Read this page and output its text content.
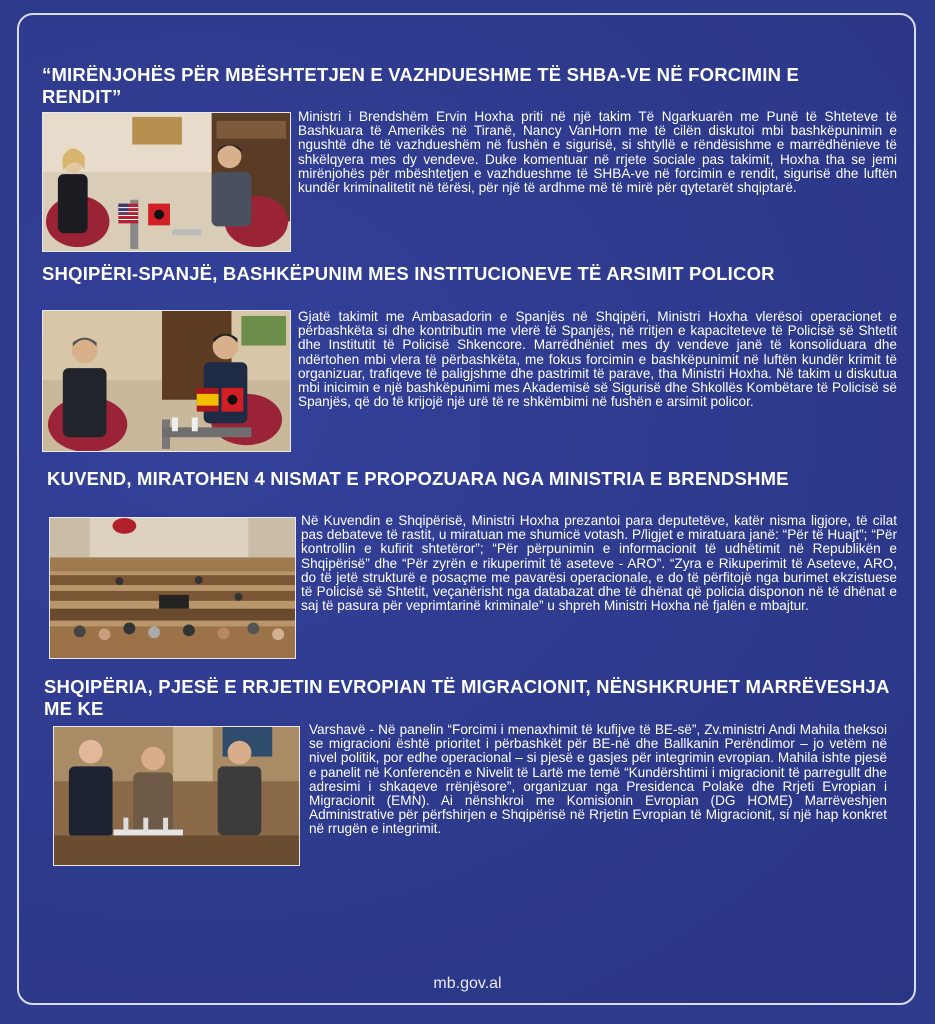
“MIRËNJOHËS PËR MBËSHTETJEN E VAZHDUESHME TË SHBA-VE NË FORCIMIN E RENDIT”

Ministri i Brendshëm Ervin Hoxha priti në një takim Të Ngarkuarën me Punë të Shteteve të Bashkuara të Amerikës në Tiranë, Nancy VanHorn me të cilën diskutoi mbi bashkëpunimin e ngushtë dhe të vazhdueshëm në fushën e sigurisë, si shtyllë e rëndësishme e marrëdhënieve të shkëlqyera mes dy vendeve. Duke komentuar në rrjete sociale pas takimit, Hoxha tha se jemi mirënjohës për mbështetjen e vazhdueshme të SHBA-ve në forcimin e rendit, sigurisë dhe luftën kundër kriminalitetit në tërësi, për një të ardhme më të mirë për qytetarët shqiptarë.

SHQIPËRI-SPANJË, BASHKËPUNIM MES INSTITUCIONEVE TË ARSIMIT POLICOR

Gjatë takimit me Ambasadorin e Spanjës në Shqipëri, Ministri Hoxha vlerësoi operacionet e përbashkëta si dhe kontributin me vlerë të Spanjës, në rritjen e kapaciteteve të Policisë së Shtetit dhe Institutit të Policisë Shkencore. Marrëdhëniet mes dy vendeve janë të konsoliduara dhe ndërtohen mbi vlera të përbashkëta, me fokus forcimin e bashkëpunimit në luftën kundër krimit të organizuar, trafiqeve të paligjshme dhe pastrimit të parave, tha Ministri Hoxha. Në takim u diskutua mbi inicimin e një bashkëpunimi mes Akademisë së Sigurisë dhe Shkollës Kombëtare të Policisë së Spanjës, që do të krijojë një urë të re shkëmbimi në fushën e arsimit policor.

KUVEND, MIRATOHEN 4 NISMAT E PROPOZUARA NGA MINISTRIA E BRENDSHME

Në Kuvendin e Shqipërisë, Ministri Hoxha prezantoi para deputetëve, katër nisma ligjore, të cilat pas debateve të rastit, u miratuan me shumicë votash. P/ligjet e miratuara janë: “Për të Huajt”; “Për kontrollin e kufirit shtetëror”; “Për përpunimin e informacionit të udhëtimit në Republikën e Shqipërisë” dhe “Për zyrën e rikuperimit të aseteve - ARO”. “Zyra e Rikuperimit të Aseteve, ARO, do të jetë strukturë e posaçme me pavarësi operacionale, e do të përfitojë nga burimet ekzistuese të Policisë së Shtetit, veçanërisht nga databazat dhe të dhënat që policia disponon në të dhënat e saj të pasura për veprimtarinë kriminale” u shpreh Ministri Hoxha në fjalën e mbajtur.

SHQIPËRIA, PJESË E RRJETIN EVROPIAN TË MIGRACIONIT, NËNSHKRUHET MARRËVESHJA ME KE

Varshavë - Në panelin “Forcimi i menaxhimit të kufijve të BE-së”, Zv.ministri Andi Mahila theksoi se migracioni është prioritet i përbashkët për BE-në dhe Ballkanin Perëndimor – jo vetëm në nivel politik, por edhe operacional – si pjesë e gasjes për integrimin evropian. Mahila ishte pjesë e panelit në Konferencën e Nivelit të Lartë me temë “Kundërshtimi i migracionit të parregullt dhe adresimi i shkaqeve rrënjësore”, organizuar nga Presidenca Polake dhe Rrjeti Evropian i Migracionit (EMN). Ai nënshkroi me Komisionin Evropian (DG HOME) Marrëveshjen Administrative për përfshirjen e Shqipërisë në Rrjetin Evropian të Migracionit, si një hap konkret në rrugën e integrimit.

mb.gov.al
